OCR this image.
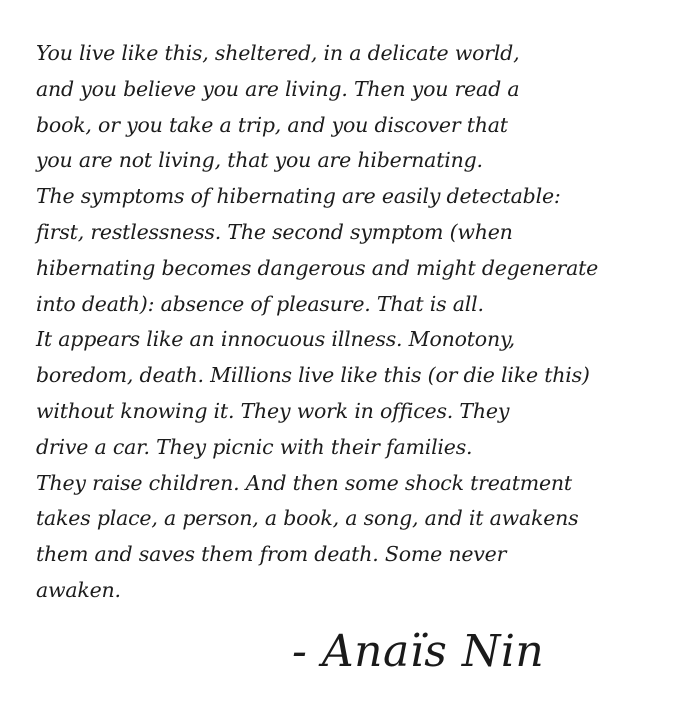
You live like this, sheltered, in a delicate world,
and you believe you are living. Then you read a
book, or you take a trip, and you discover that
you are not living, that you are hibernating.
The symptoms of hibernating are easily detectable:
first, restlessness. The second symptom (when
hibernating becomes dangerous and might degenerate
into death): absence of pleasure. That is all.
It appears like an innocuous illness. Monotony,
boredom, death. Millions live like this (or die like this)
without knowing it. They work in offices. They
drive a car. They picnic with their families.
They raise children. And then some shock treatment
takes place, a person, a book, a song, and it awakens
them and saves them from death. Some never
awaken.
- Anaïs Nin
